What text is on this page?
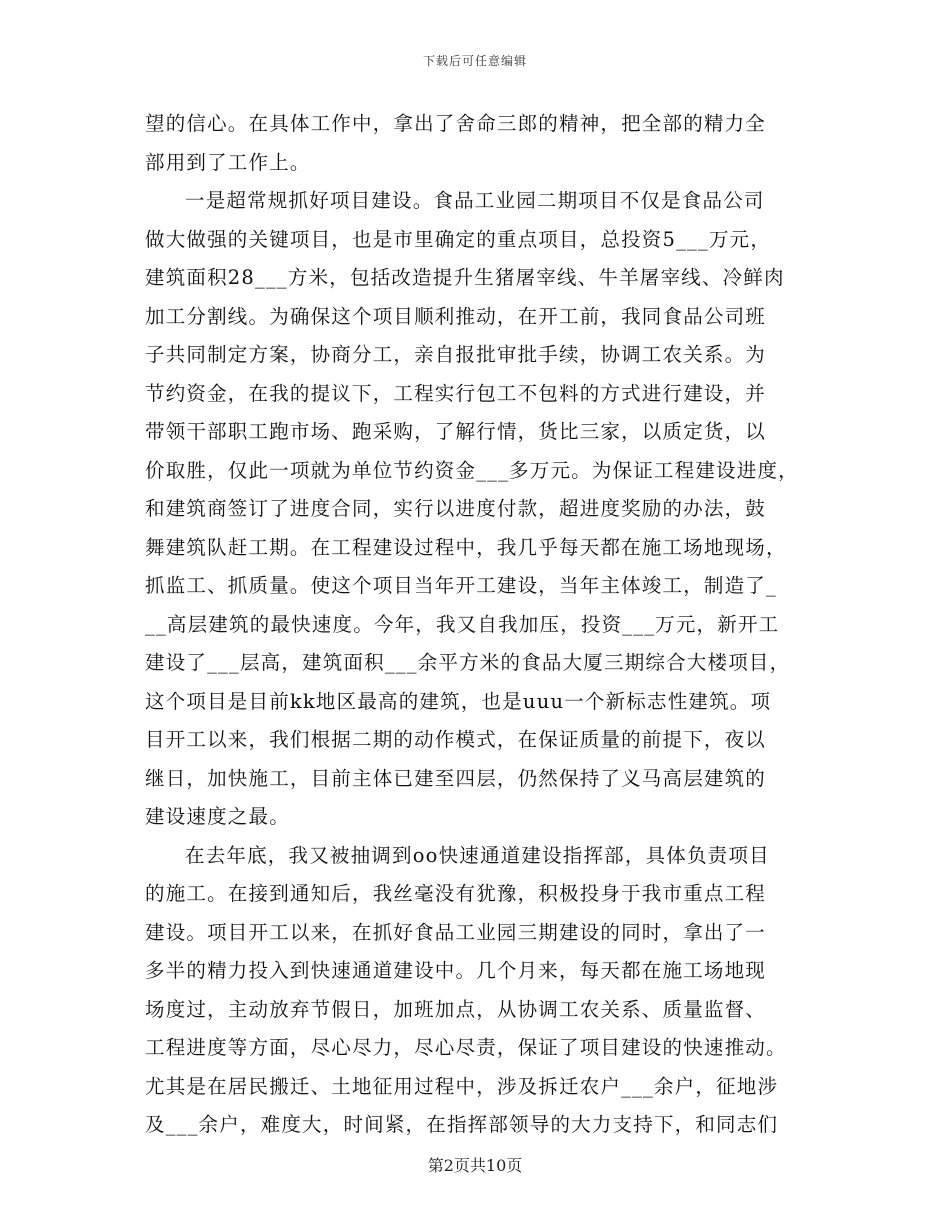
下载后可任意编辑
望的信心。在具体工作中，拿出了舍命三郎的精神，把全部的精力全
部用到了工作上。
一是超常规抓好项目建设。食品工业园二期项目不仅是食品公司
做大做强的关键项目，也是市里确定的重点项目，总投资5___万元，
建筑面积28___方米，包括改造提升生猪屠宰线、牛羊屠宰线、冷鲜肉
加工分割线。为确保这个项目顺利推动，在开工前，我同食品公司班
子共同制定方案，协商分工，亲自报批审批手续，协调工农关系。为
节约资金，在我的提议下，工程实行包工不包料的方式进行建设，并
带领干部职工跑市场、跑采购，了解行情，货比三家，以质定货，以
价取胜，仅此一项就为单位节约资金___多万元。为保证工程建设进度，
和建筑商签订了进度合同，实行以进度付款，超进度奖励的办法，鼓
舞建筑队赶工期。在工程建设过程中，我几乎每天都在施工场地现场，
抓监工、抓质量。使这个项目当年开工建设，当年主体竣工，制造了_
__高层建筑的最快速度。今年，我又自我加压，投资___万元，新开工
建设了___层高，建筑面积___余平方米的食品大厦三期综合大楼项目，
这个项目是目前kk地区最高的建筑，也是uuu一个新标志性建筑。项
目开工以来，我们根据二期的动作模式，在保证质量的前提下，夜以
继日，加快施工，目前主体已建至四层，仍然保持了义马高层建筑的
建设速度之最。
在去年底，我又被抽调到oo快速通道建设指挥部，具体负责项目
的施工。在接到通知后，我丝毫没有犹豫，积极投身于我市重点工程
建设。项目开工以来，在抓好食品工业园三期建设的同时，拿出了一
多半的精力投入到快速通道建设中。几个月来，每天都在施工场地现
场度过，主动放弃节假日，加班加点，从协调工农关系、质量监督、
工程进度等方面，尽心尽力，尽心尽责，保证了项目建设的快速推动。
尤其是在居民搬迁、土地征用过程中，涉及拆迁农户___余户，征地涉
及___余户，难度大，时间紧，在指挥部领导的大力支持下，和同志们
第2页共10页
